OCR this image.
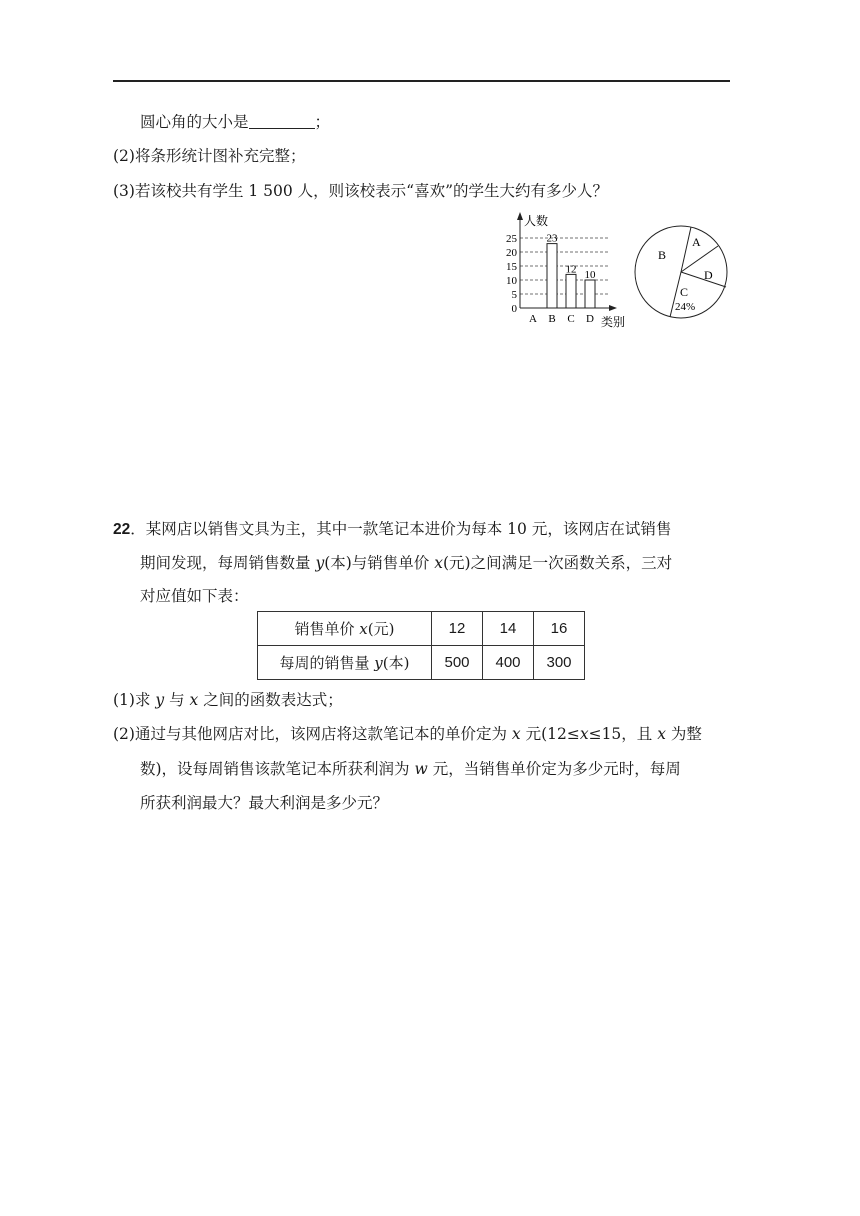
圆心角的大小是	；
(2)将条形统计图补充完整；
(3)若该校共有学生 1 500 人，则该校表示“喜欢”的学生大约有多少人？
人数
类别
0
5
10
15
20
25
A B C D
23
12 10
A
B
D
C
24%
22．某网店以销售文具为主，其中一款笔记本进价为每本 10 元，该网店在试销售
期间发现，每周销售数量 y(本)与销售单价 x(元)之间满足一次函数关系，三对
对应值如下表：
销售单价 x(元)	12	14	16
每周的销售量 y(本)	500	400	300
(1)求 y 与 x 之间的函数表达式；
(2)通过与其他网店对比，该网店将这款笔记本的单价定为 x 元(12≤x≤15，且 x 为整
数)，设每周销售该款笔记本所获利润为 w 元，当销售单价定为多少元时，每周
所获利润最大？最大利润是多少元？
